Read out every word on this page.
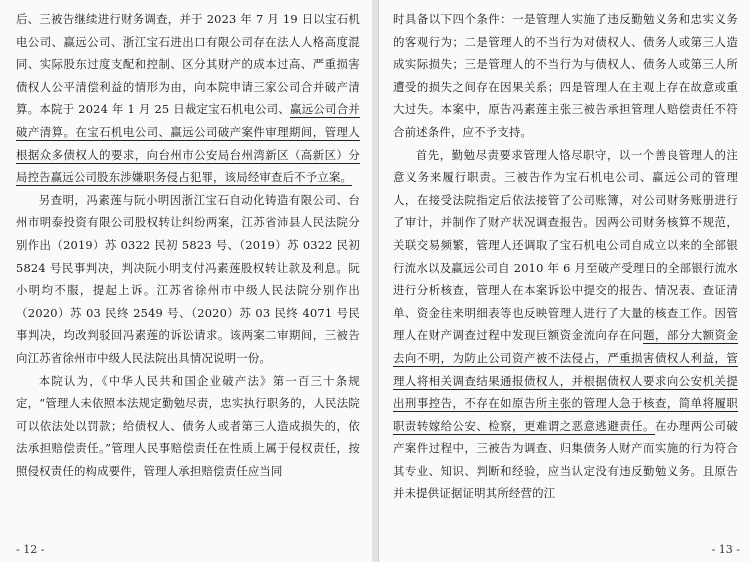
后、三被告继续进行财务调查，并于 2023 年 7 月 19 日以宝石机电公司、赢远公司、浙江宝石进出口有限公司存在法人人格高度混同、实际股东过度支配和控制、区分其财产的成本过高、严重损害债权人公平清偿利益的情形为由，向本院申请三家公司合并破产清算。本院于 2024 年 1 月 25 日裁定宝石机电公司、赢远公司合并破产清算。在宝石机电公司、赢远公司破产案件审理期间，管理人根据众多债权人的要求，向台州市公安局台州湾新区（高新区）分局控告赢远公司股东涉嫌职务侵占犯罪，该局经审查后不予立案。

另查明，冯素莲与阮小明因浙江宝石自动化铸造有限公司、台州市明泰投资有限公司股权转让纠纷两案，江苏省沛县人民法院分别作出（2019）苏 0322 民初 5823 号、（2019）苏 0322 民初 5824 号民事判决，判决阮小明支付冯素莲股权转让款及利息。阮小明均不服，提起上诉。江苏省徐州市中级人民法院分别作出（2020）苏 03 民终 2549 号、（2020）苏 03 民终 4071 号民事判决，均改判驳回冯素莲的诉讼请求。该两案二审期间，三被告向江苏省徐州市中级人民法院出具情况说明一份。

本院认为，《中华人民共和国企业破产法》第一百三十条规定，“管理人未依照本法规定勤勉尽责，忠实执行职务的，人民法院可以依法处以罚款；给债权人、债务人或者第三人造成损失的，依法承担赔偿责任。”管理人民事赔偿责任在性质上属于侵权责任，按照侵权责任的构成要件，管理人承担赔偿责任应当同

- 12 -

时具备以下四个条件：一是管理人实施了违反勤勉义务和忠实义务的客观行为；二是管理人的不当行为对债权人、债务人或第三人造成实际损失；三是管理人的不当行为与债权人、债务人或第三人所遭受的损失之间存在因果关系；四是管理人在主观上存在故意或重大过失。本案中，原告冯素莲主张三被告承担管理人赔偿责任不符合前述条件，应不予支持。

首先，勤勉尽责要求管理人恪尽职守，以一个善良管理人的注意义务来履行职责。三被告作为宝石机电公司、赢远公司的管理人，在接受法院指定后依法接管了公司账簿，对公司财务账册进行了审计，并制作了财产状况调查报告。因两公司财务核算不规范，关联交易频繁，管理人还调取了宝石机电公司自成立以来的全部银行流水以及赢远公司自 2010 年 6 月至破产受理日的全部银行流水进行分析核查，管理人在本案诉讼中提交的报告、情况表、查证清单、资金往来明细表等也反映管理人进行了大量的核查工作。因管理人在财产调查过程中发现巨额资金流向存在问题，部分大额资金去向不明，为防止公司资产被不法侵占，严重损害债权人利益，管理人将相关调查结果通报债权人，并根据债权人要求向公安机关提出刑事控告，不存在如原告所主张的管理人急于核查，简单将履职职责转嫁给公安、检察，更难谓之恶意逃避责任。在办理两公司破产案件过程中，三被告为调查、归集债务人财产而实施的行为符合其专业、知识、判断和经验，应当认定没有违反勤勉义务。且原告并未提供证据证明其所经营的江

- 13 -
